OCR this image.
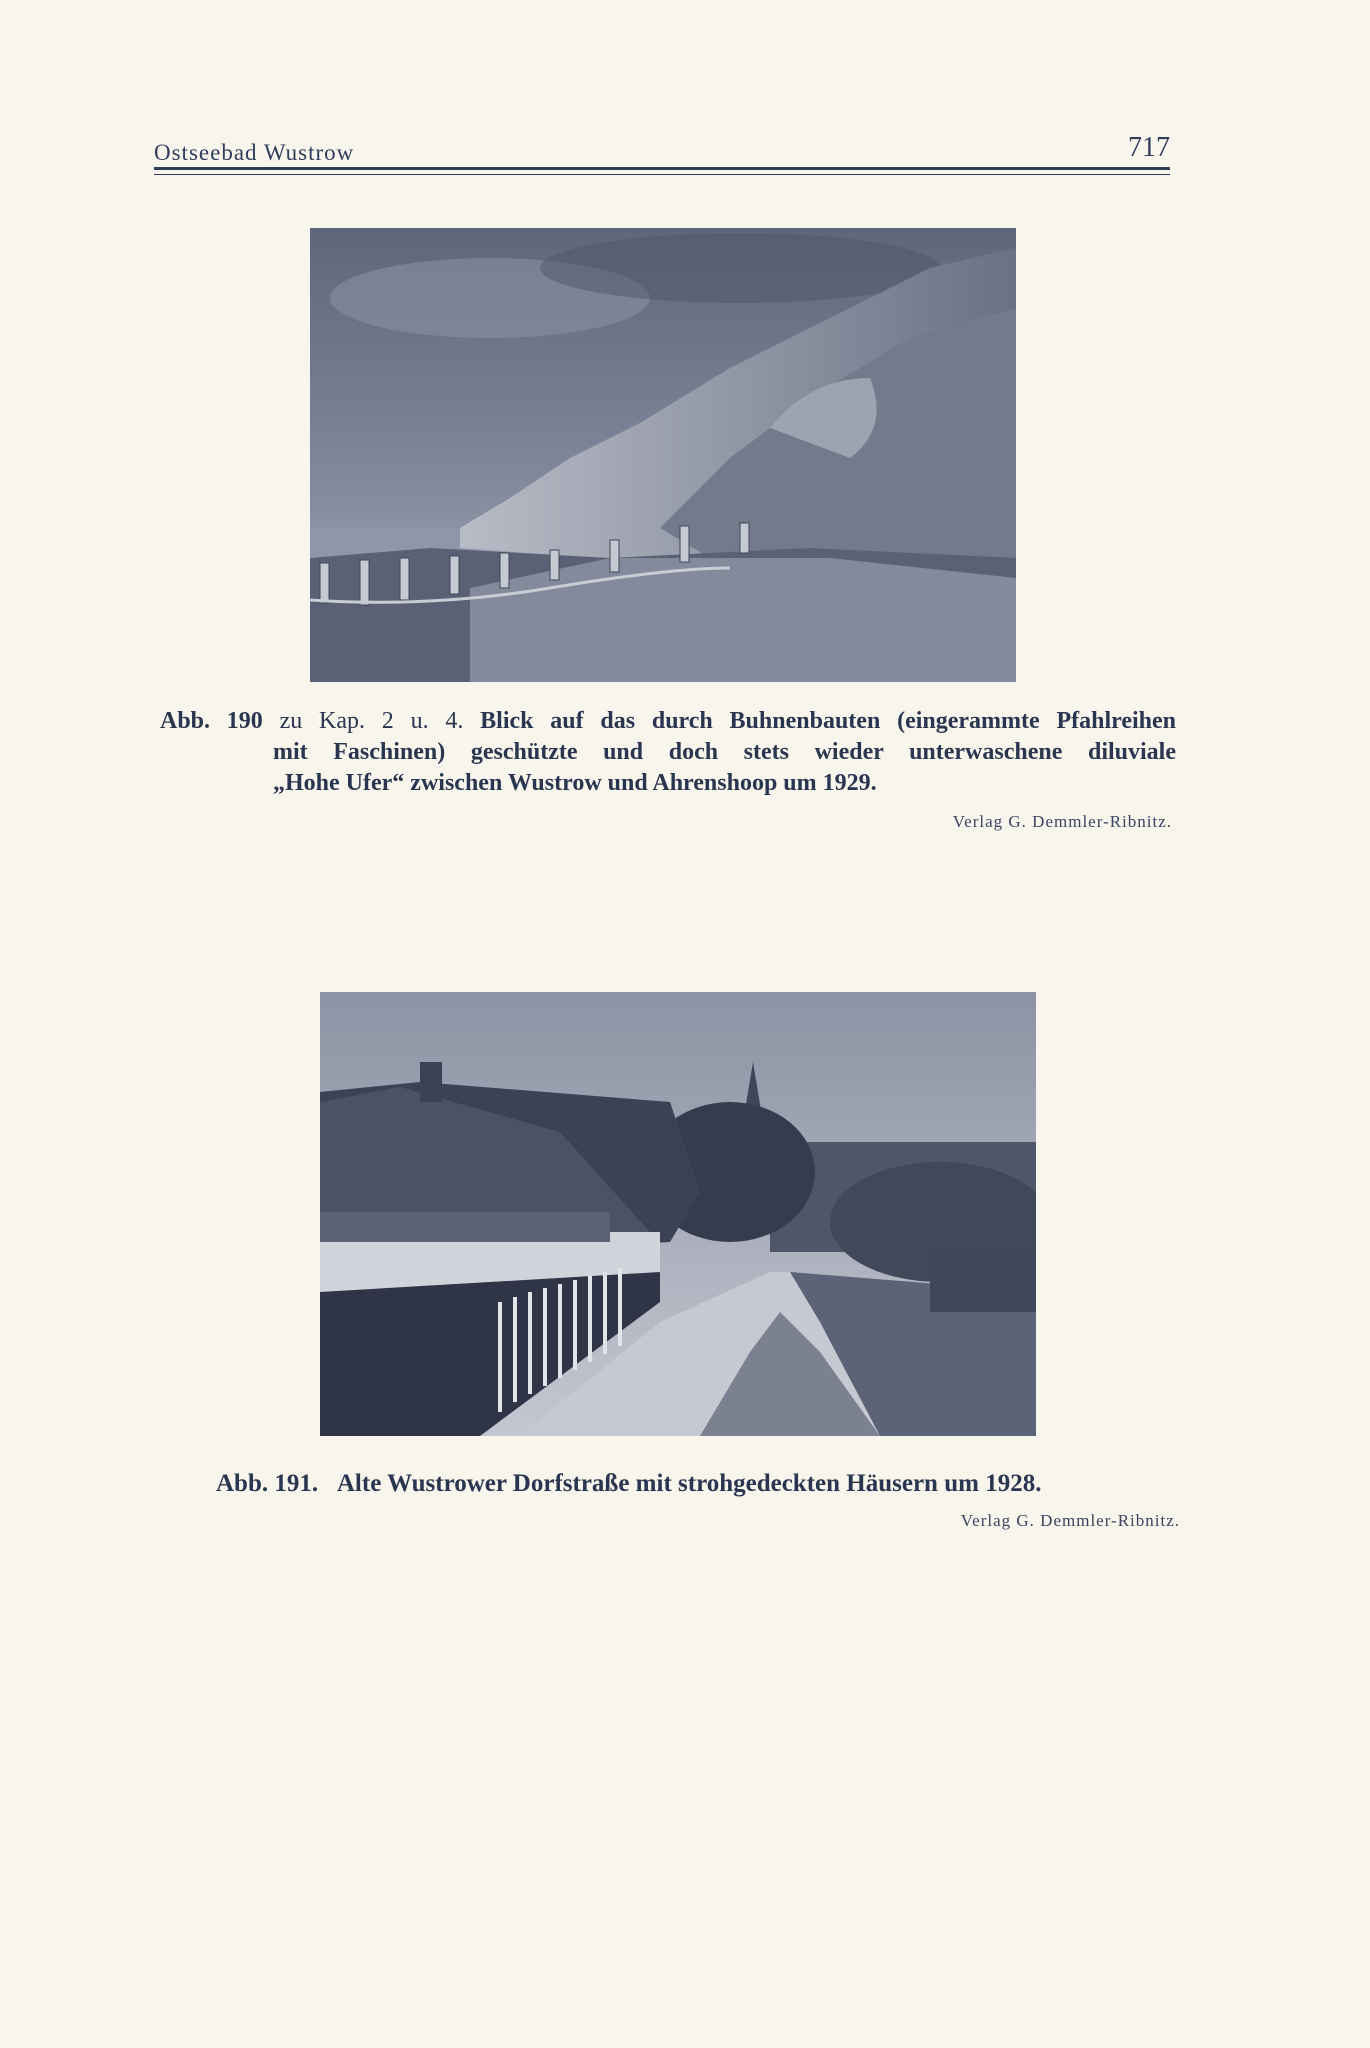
Ostseebad Wustrow	717
Abb. 190 zu Kap. 2 u. 4. Blick auf das durch Buhnenbauten (eingerammte Pfahlreihen
mit Faschinen) geschützte und doch stets wieder unterwaschene diluviale
„Hohe Ufer“ zwischen Wustrow und Ahrenshoop um 1929.
Verlag G. Demmler-Ribnitz.
Abb. 191. Alte Wustrower Dorfstraße mit strohgedeckten Häusern um 1928.
Verlag G. Demmler-Ribnitz.
